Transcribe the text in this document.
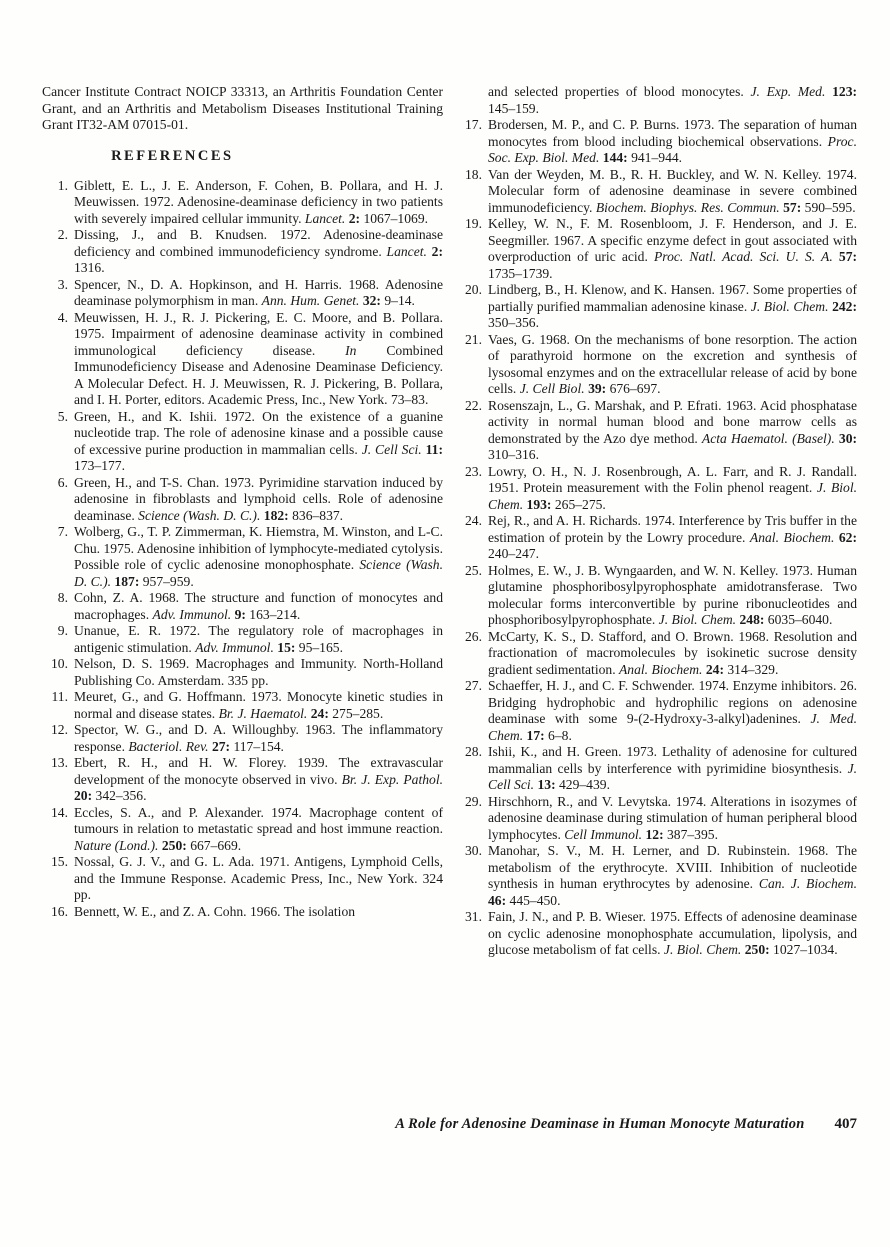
Cancer Institute Contract NOICP 33313, an Arthritis Foundation Center Grant, and an Arthritis and Metabolism Diseases Institutional Training Grant IT32-AM 07015-01.

REFERENCES
1. Giblett, E. L., J. E. Anderson, F. Cohen, B. Pollara, and H. J. Meuwissen. 1972. Adenosine-deaminase deficiency in two patients with severely impaired cellular immunity. Lancet. 2: 1067–1069.
2. Dissing, J., and B. Knudsen. 1972. Adenosine-deaminase deficiency and combined immunodeficiency syndrome. Lancet. 2: 1316.
3. Spencer, N., D. A. Hopkinson, and H. Harris. 1968. Adenosine deaminase polymorphism in man. Ann. Hum. Genet. 32: 9–14.
4. Meuwissen, H. J., R. J. Pickering, E. C. Moore, and B. Pollara. 1975. Impairment of adenosine deaminase activity in combined immunological deficiency disease. In Combined Immunodeficiency Disease and Adenosine Deaminase Deficiency. A Molecular Defect. H. J. Meuwissen, R. J. Pickering, B. Pollara, and I. H. Porter, editors. Academic Press, Inc., New York. 73–83.
5. Green, H., and K. Ishii. 1972. On the existence of a guanine nucleotide trap. The role of adenosine kinase and a possible cause of excessive purine production in mammalian cells. J. Cell Sci. 11: 173–177.
6. Green, H., and T-S. Chan. 1973. Pyrimidine starvation induced by adenosine in fibroblasts and lymphoid cells. Role of adenosine deaminase. Science (Wash. D. C.). 182: 836–837.
7. Wolberg, G., T. P. Zimmerman, K. Hiemstra, M. Winston, and L-C. Chu. 1975. Adenosine inhibition of lymphocyte-mediated cytolysis. Possible role of cyclic adenosine monophosphate. Science (Wash. D. C.). 187: 957–959.
8. Cohn, Z. A. 1968. The structure and function of monocytes and macrophages. Adv. Immunol. 9: 163–214.
9. Unanue, E. R. 1972. The regulatory role of macrophages in antigenic stimulation. Adv. Immunol. 15: 95–165.
10. Nelson, D. S. 1969. Macrophages and Immunity. North-Holland Publishing Co. Amsterdam. 335 pp.
11. Meuret, G., and G. Hoffmann. 1973. Monocyte kinetic studies in normal and disease states. Br. J. Haematol. 24: 275–285.
12. Spector, W. G., and D. A. Willoughby. 1963. The inflammatory response. Bacteriol. Rev. 27: 117–154.
13. Ebert, R. H., and H. W. Florey. 1939. The extravascular development of the monocyte observed in vivo. Br. J. Exp. Pathol. 20: 342–356.
14. Eccles, S. A., and P. Alexander. 1974. Macrophage content of tumours in relation to metastatic spread and host immune reaction. Nature (Lond.). 250: 667–669.
15. Nossal, G. J. V., and G. L. Ada. 1971. Antigens, Lymphoid Cells, and the Immune Response. Academic Press, Inc., New York. 324 pp.
16. Bennett, W. E., and Z. A. Cohn. 1966. The isolation
and selected properties of blood monocytes. J. Exp. Med. 123: 145–159.
17. Brodersen, M. P., and C. P. Burns. 1973. The separation of human monocytes from blood including biochemical observations. Proc. Soc. Exp. Biol. Med. 144: 941–944.
18. Van der Weyden, M. B., R. H. Buckley, and W. N. Kelley. 1974. Molecular form of adenosine deaminase in severe combined immunodeficiency. Biochem. Biophys. Res. Commun. 57: 590–595.
19. Kelley, W. N., F. M. Rosenbloom, J. F. Henderson, and J. E. Seegmiller. 1967. A specific enzyme defect in gout associated with overproduction of uric acid. Proc. Natl. Acad. Sci. U. S. A. 57: 1735–1739.
20. Lindberg, B., H. Klenow, and K. Hansen. 1967. Some properties of partially purified mammalian adenosine kinase. J. Biol. Chem. 242: 350–356.
21. Vaes, G. 1968. On the mechanisms of bone resorption. The action of parathyroid hormone on the excretion and synthesis of lysosomal enzymes and on the extracellular release of acid by bone cells. J. Cell Biol. 39: 676–697.
22. Rosenszajn, L., G. Marshak, and P. Efrati. 1963. Acid phosphatase activity in normal human blood and bone marrow cells as demonstrated by the Azo dye method. Acta Haematol. (Basel). 30: 310–316.
23. Lowry, O. H., N. J. Rosenbrough, A. L. Farr, and R. J. Randall. 1951. Protein measurement with the Folin phenol reagent. J. Biol. Chem. 193: 265–275.
24. Rej, R., and A. H. Richards. 1974. Interference by Tris buffer in the estimation of protein by the Lowry procedure. Anal. Biochem. 62: 240–247.
25. Holmes, E. W., J. B. Wyngaarden, and W. N. Kelley. 1973. Human glutamine phosphoribosylpyrophosphate amidotransferase. Two molecular forms interconvertible by purine ribonucleotides and phosphoribosylpyrophosphate. J. Biol. Chem. 248: 6035–6040.
26. McCarty, K. S., D. Stafford, and O. Brown. 1968. Resolution and fractionation of macromolecules by isokinetic sucrose density gradient sedimentation. Anal. Biochem. 24: 314–329.
27. Schaeffer, H. J., and C. F. Schwender. 1974. Enzyme inhibitors. 26. Bridging hydrophobic and hydrophilic regions on adenosine deaminase with some 9-(2-Hydroxy-3-alkyl)adenines. J. Med. Chem. 17: 6–8.
28. Ishii, K., and H. Green. 1973. Lethality of adenosine for cultured mammalian cells by interference with pyrimidine biosynthesis. J. Cell Sci. 13: 429–439.
29. Hirschhorn, R., and V. Levytska. 1974. Alterations in isozymes of adenosine deaminase during stimulation of human peripheral blood lymphocytes. Cell Immunol. 12: 387–395.
30. Manohar, S. V., M. H. Lerner, and D. Rubinstein. 1968. The metabolism of the erythrocyte. XVIII. Inhibition of nucleotide synthesis in human erythrocytes by adenosine. Can. J. Biochem. 46: 445–450.
31. Fain, J. N., and P. B. Wieser. 1975. Effects of adenosine deaminase on cyclic adenosine monophosphate accumulation, lipolysis, and glucose metabolism of fat cells. J. Biol. Chem. 250: 1027–1034.
A Role for Adenosine Deaminase in Human Monocyte Maturation 407
